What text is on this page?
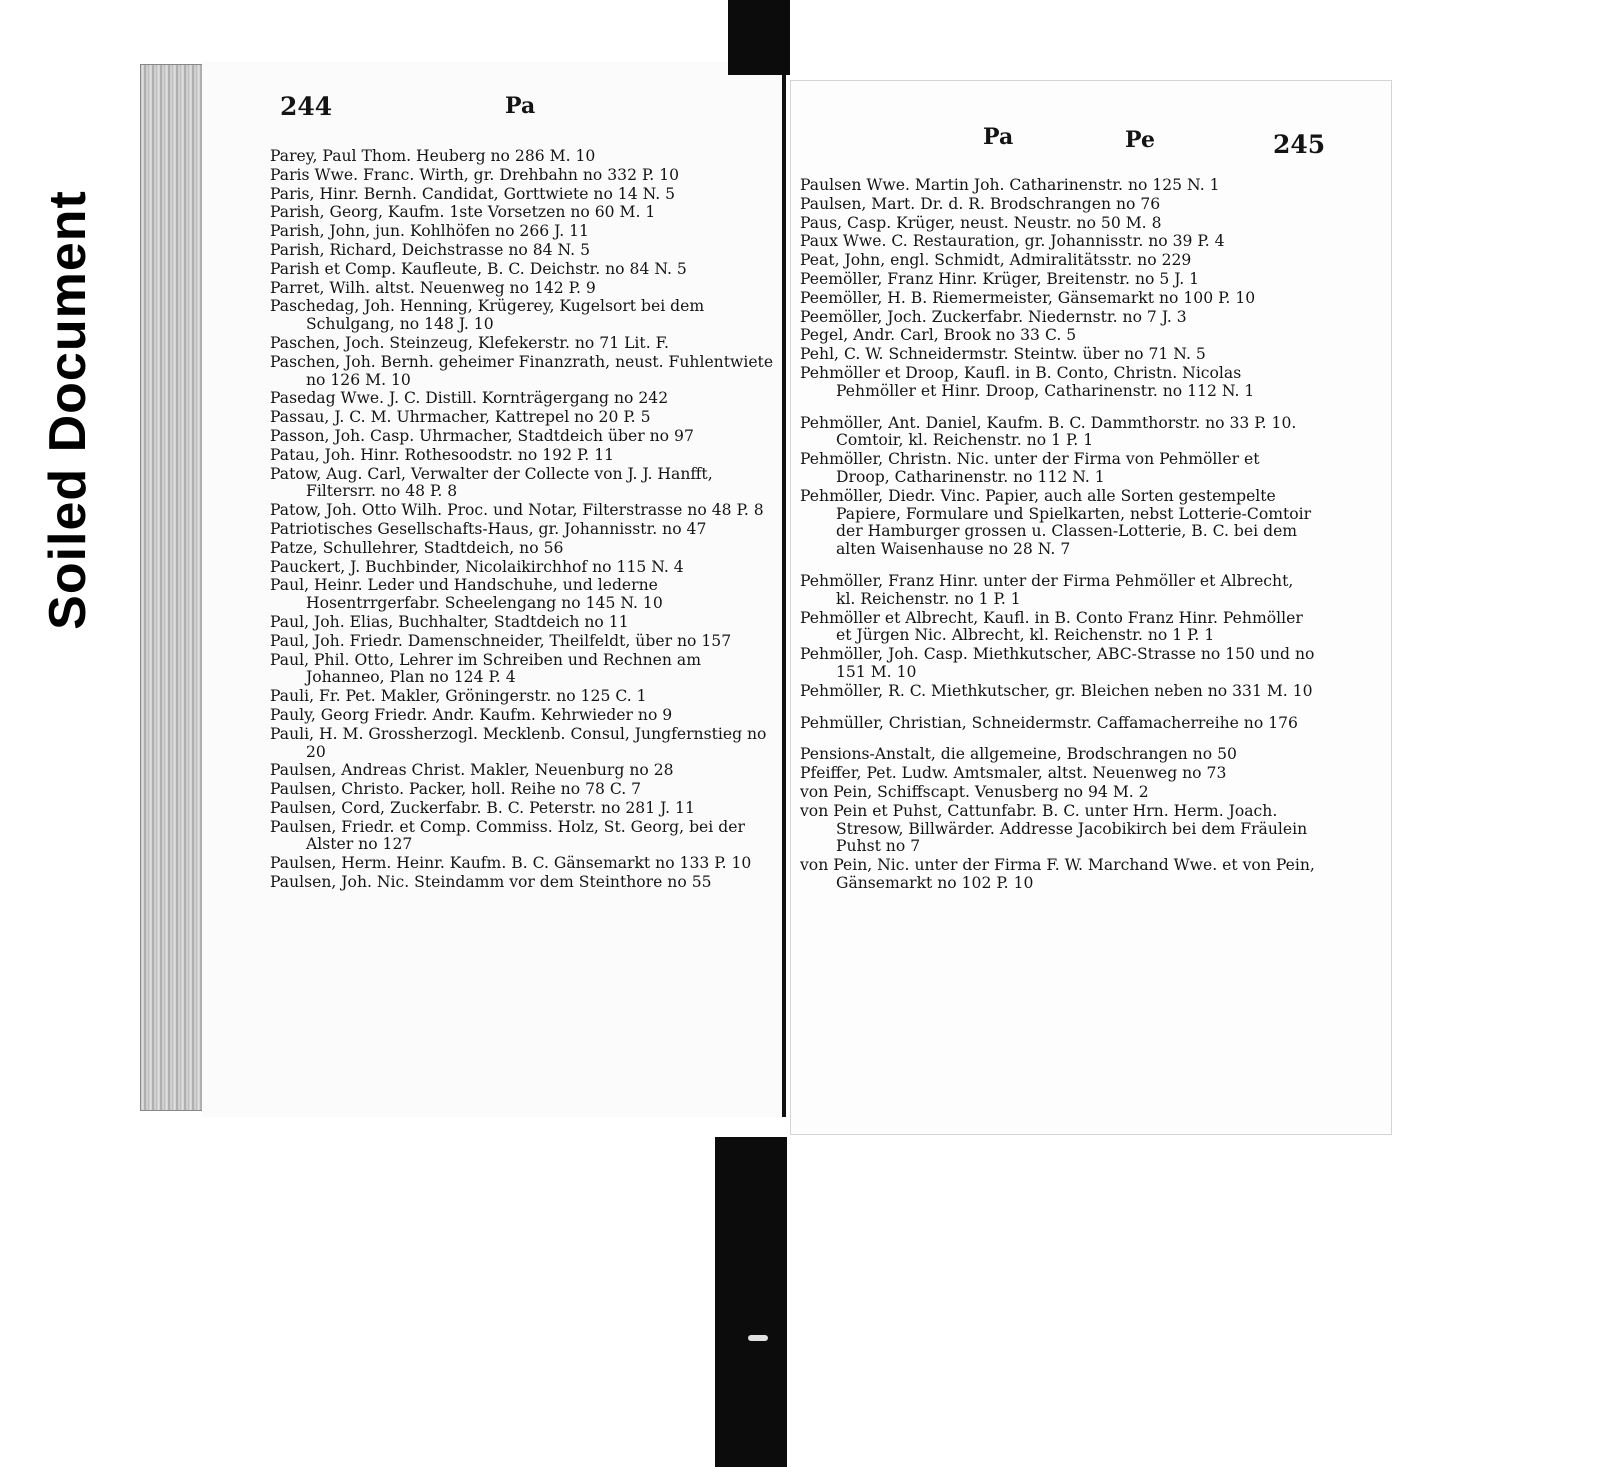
Soiled Document
244	Pa
Pa	Pe	245
Parey, Paul Thom. Heuberg no 286 M. 10
Paris Wwe. Franc. Wirth, gr. Drehbahn no 332 P. 10
Paris, Hinr. Bernh. Candidat, Gorttwiete no 14 N. 5
Parish, Georg, Kaufm. 1ste Vorsetzen no 60 M. 1
Parish, John, jun. Kohlhöfen no 266 J. 11
Parish, Richard, Deichstrasse no 84 N. 5
Parish et Comp. Kaufleute, B. C. Deichstr. no 84 N. 5
Parret, Wilh. altst. Neuenweg no 142 P. 9
Paschedag, Joh. Henning, Krügerey, Kugelsort bei dem Schulgang, no 148 J. 10
Paschen, Joch. Steinzeug, Klefekerstr. no 71 Lit. F.
Paschen, Joh. Bernh. geheimer Finanzrath, neust. Fuhlentwiete no 126 M. 10
Pasedag Wwe. J. C. Distill. Kornträgergang no 242
Passau, J. C. M. Uhrmacher, Kattrepel no 20 P. 5
Passon, Joh. Casp. Uhrmacher, Stadtdeich über no 97
Patau, Joh. Hinr. Rothesoodstr. no 192 P. 11
Patow, Aug. Carl, Verwalter der Collecte von J. J. Hanfft, Filtersrr. no 48 P. 8
Patow, Joh. Otto Wilh. Proc. und Notar, Filterstrasse no 48 P. 8
Patriotisches Gesellschafts-Haus, gr. Johannisstr. no 47
Patze, Schullehrer, Stadtdeich, no 56
Pauckert, J. Buchbinder, Nicolaikirchhof no 115 N. 4
Paul, Heinr. Leder und Handschuhe, und lederne Hosentrrgerfabr. Scheelengang no 145 N. 10
Paul, Joh. Elias, Buchhalter, Stadtdeich no 11
Paul, Joh. Friedr. Damenschneider, Theilfeldt, über no 157
Paul, Phil. Otto, Lehrer im Schreiben und Rechnen am Johanneo, Plan no 124 P. 4
Pauli, Fr. Pet. Makler, Gröningerstr. no 125 C. 1
Pauly, Georg Friedr. Andr. Kaufm. Kehrwieder no 9
Pauli, H. M. Grossherzogl. Mecklenb. Consul, Jungfernstieg no 20
Paulsen, Andreas Christ. Makler, Neuenburg no 28
Paulsen, Christo. Packer, holl. Reihe no 78 C. 7
Paulsen, Cord, Zuckerfabr. B. C. Peterstr. no 281 J. 11
Paulsen, Friedr. et Comp. Commiss. Holz, St. Georg, bei der Alster no 127
Paulsen, Herm. Heinr. Kaufm. B. C. Gänsemarkt no 133 P. 10
Paulsen, Joh. Nic. Steindamm vor dem Steinthore no 55
Paulsen Wwe. Martin Joh. Catharinenstr. no 125 N. 1
Paulsen, Mart. Dr. d. R. Brodschrangen no 76
Paus, Casp. Krüger, neust. Neustr. no 50 M. 8
Paux Wwe. C. Restauration, gr. Johannisstr. no 39 P. 4
Peat, John, engl. Schmidt, Admiralitätsstr. no 229
Peemöller, Franz Hinr. Krüger, Breitenstr. no 5 J. 1
Peemöller, H. B. Riemermeister, Gänsemarkt no 100 P. 10
Peemöller, Joch. Zuckerfabr. Niedernstr. no 7 J. 3
Pegel, Andr. Carl, Brook no 33 C. 5
Pehl, C. W. Schneidermstr. Steintw. über no 71 N. 5
Pehmöller et Droop, Kaufl. in B. Conto, Christn. Nicolas Pehmöller et Hinr. Droop, Catharinenstr. no 112 N. 1
Pehmöller, Ant. Daniel, Kaufm. B. C. Dammthorstr. no 33 P. 10. Comtoir, kl. Reichenstr. no 1 P. 1
Pehmöller, Christn. Nic. unter der Firma von Pehmöller et Droop, Catharinenstr. no 112 N. 1
Pehmöller, Diedr. Vinc. Papier, auch alle Sorten gestempelte Papiere, Formulare und Spielkarten, nebst Lotterie-Comtoir der Hamburger grossen u. Classen-Lotterie, B. C. bei dem alten Waisenhause no 28 N. 7
Pehmöller, Franz Hinr. unter der Firma Pehmöller et Albrecht, kl. Reichenstr. no 1 P. 1
Pehmöller et Albrecht, Kaufl. in B. Conto Franz Hinr. Pehmöller et Jürgen Nic. Albrecht, kl. Reichenstr. no 1 P. 1
Pehmöller, Joh. Casp. Miethkutscher, ABC-Strasse no 150 und no 151 M. 10
Pehmöller, R. C. Miethkutscher, gr. Bleichen neben no 331 M. 10
Pehmüller, Christian, Schneidermstr. Caffamacherreihe no 176
Pensions-Anstalt, die allgemeine, Brodschrangen no 50
Pfeiffer, Pet. Ludw. Amtsmaler, altst. Neuenweg no 73
von Pein, Schiffscapt. Venusberg no 94 M. 2
von Pein et Puhst, Cattunfabr. B. C. unter Hrn. Herm. Joach. Stresow, Billwärder. Addresse Jacobikirch bei dem Fräulein Puhst no 7
von Pein, Nic. unter der Firma F. W. Marchand Wwe. et von Pein, Gänsemarkt no 102 P. 10
